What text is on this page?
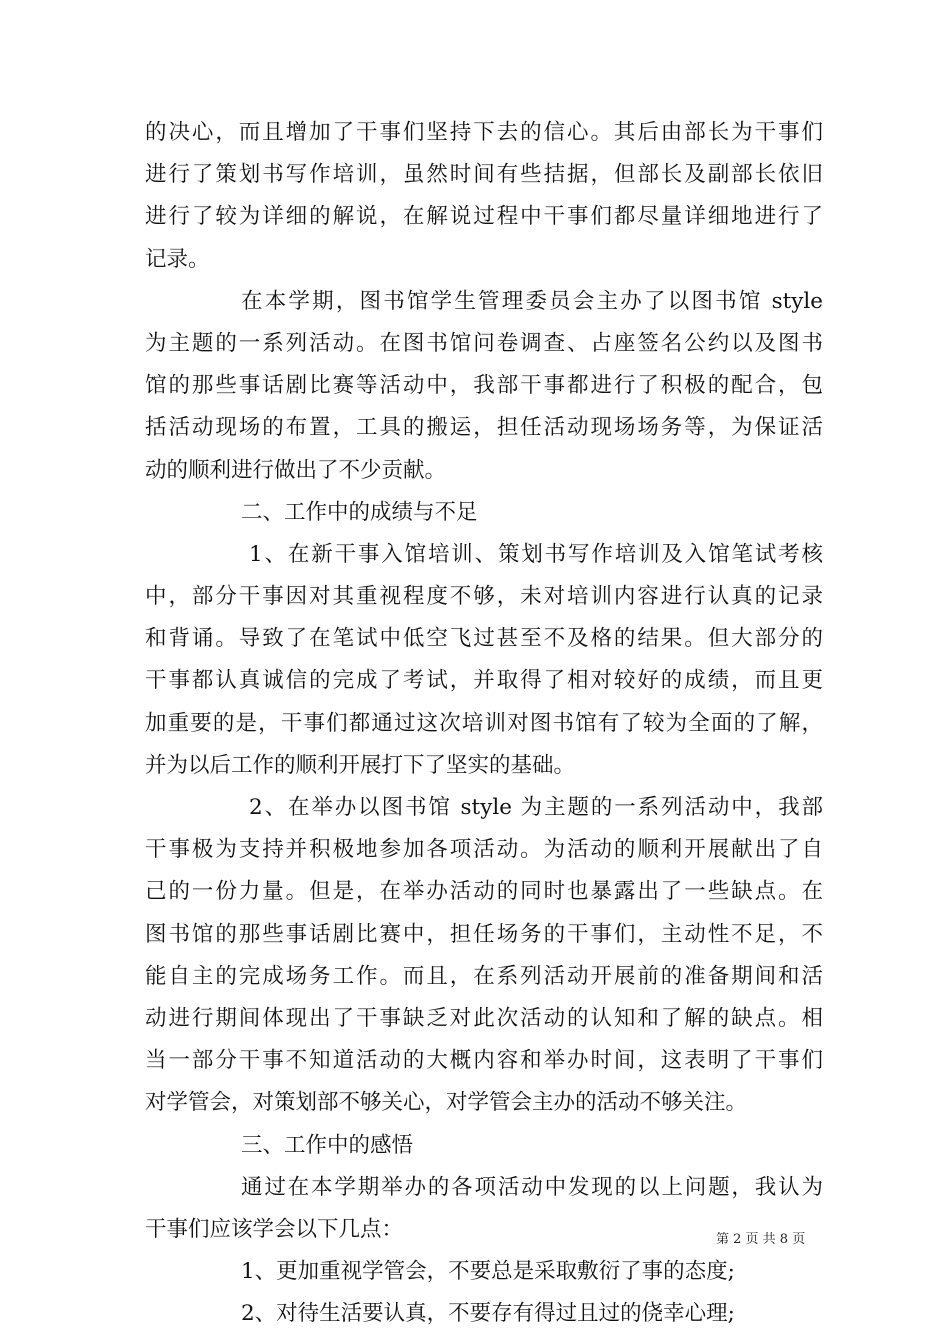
的决心，而且增加了干事们坚持下去的信心。其后由部长为干事们
进行了策划书写作培训，虽然时间有些拮据，但部长及副部长依旧
进行了较为详细的解说，在解说过程中干事们都尽量详细地进行了
记录。
在本学期，图书馆学生管理委员会主办了以图书馆 style
为主题的一系列活动。在图书馆问卷调查、占座签名公约以及图书
馆的那些事话剧比赛等活动中，我部干事都进行了积极的配合，包
括活动现场的布置，工具的搬运，担任活动现场场务等，为保证活
动的顺利进行做出了不少贡献。
二、工作中的成绩与不足
1、在新干事入馆培训、策划书写作培训及入馆笔试考核
中，部分干事因对其重视程度不够，未对培训内容进行认真的记录
和背诵。导致了在笔试中低空飞过甚至不及格的结果。但大部分的
干事都认真诚信的完成了考试，并取得了相对较好的成绩，而且更
加重要的是，干事们都通过这次培训对图书馆有了较为全面的了解，
并为以后工作的顺利开展打下了坚实的基础。
2、在举办以图书馆 style 为主题的一系列活动中，我部
干事极为支持并积极地参加各项活动。为活动的顺利开展献出了自
己的一份力量。但是，在举办活动的同时也暴露出了一些缺点。在
图书馆的那些事话剧比赛中，担任场务的干事们，主动性不足，不
能自主的完成场务工作。而且，在系列活动开展前的准备期间和活
动进行期间体现出了干事缺乏对此次活动的认知和了解的缺点。相
当一部分干事不知道活动的大概内容和举办时间，这表明了干事们
对学管会，对策划部不够关心，对学管会主办的活动不够关注。
三、工作中的感悟
通过在本学期举办的各项活动中发现的以上问题，我认为
干事们应该学会以下几点：
1、更加重视学管会，不要总是采取敷衍了事的态度;
2、对待生活要认真，不要存有得过且过的侥幸心理;
第 2 页 共 8 页
